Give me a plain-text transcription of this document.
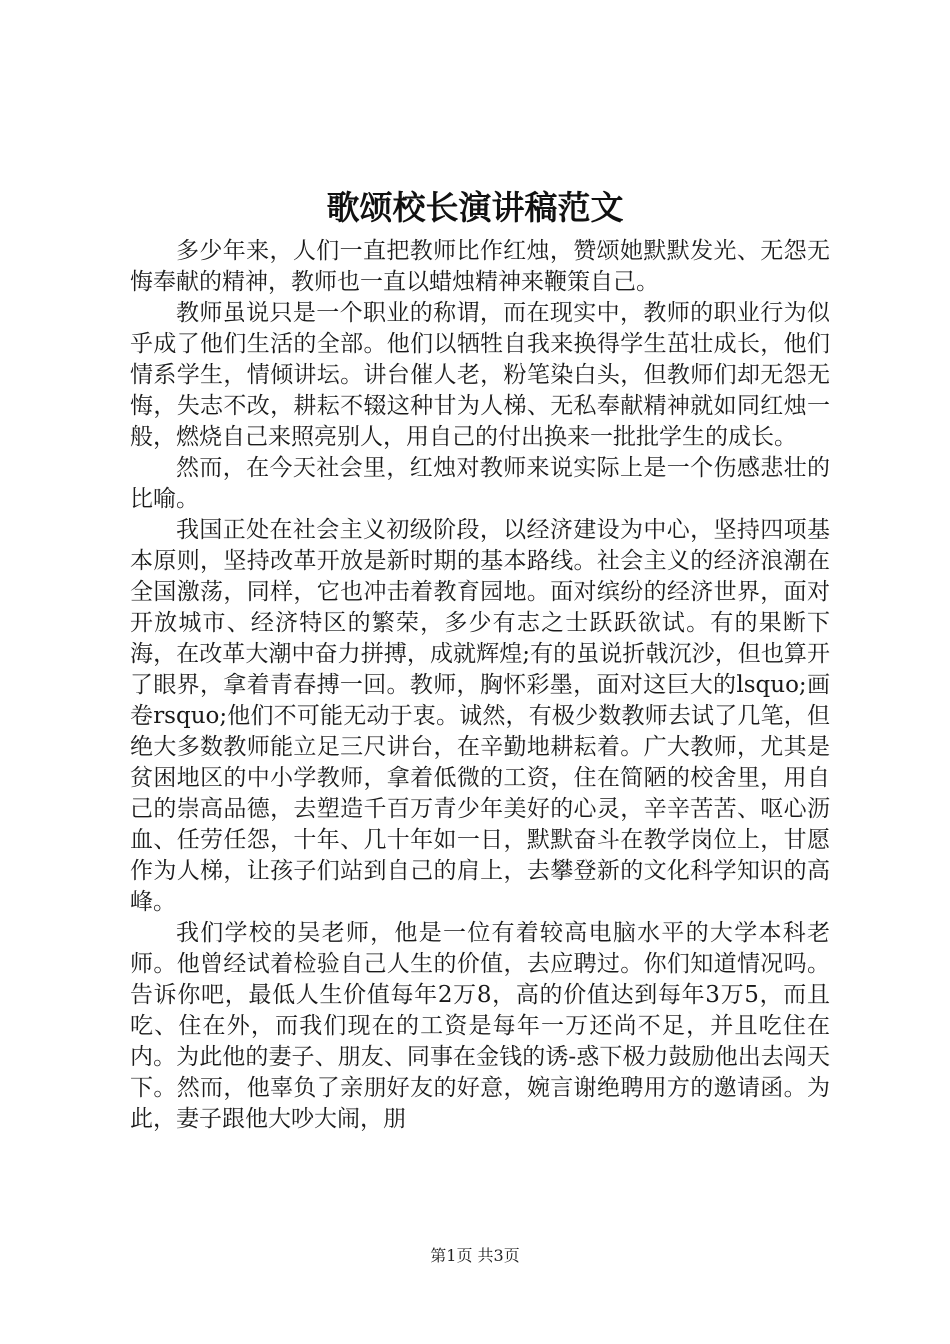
歌颂校长演讲稿范文

多少年来，人们一直把教师比作红烛，赞颂她默默发光、无怨无悔奉献的精神，教师也一直以蜡烛精神来鞭策自己。

教师虽说只是一个职业的称谓，而在现实中，教师的职业行为似乎成了他们生活的全部。他们以牺牲自我来换得学生茁壮成长，他们情系学生，情倾讲坛。讲台催人老，粉笔染白头，但教师们却无怨无悔，失志不改，耕耘不辍这种甘为人梯、无私奉献精神就如同红烛一般，燃烧自己来照亮别人，用自己的付出换来一批批学生的成长。

然而，在今天社会里，红烛对教师来说实际上是一个伤感悲壮的比喻。

我国正处在社会主义初级阶段，以经济建设为中心，坚持四项基本原则，坚持改革开放是新时期的基本路线。社会主义的经济浪潮在全国激荡，同样，它也冲击着教育园地。面对缤纷的经济世界，面对开放城市、经济特区的繁荣，多少有志之士跃跃欲试。有的果断下海，在改革大潮中奋力拼搏，成就辉煌;有的虽说折戟沉沙，但也算开了眼界，拿着青春搏一回。教师，胸怀彩墨，面对这巨大的lsquo;画卷rsquo;他们不可能无动于衷。诚然，有极少数教师去试了几笔，但绝大多数教师能立足三尺讲台，在辛勤地耕耘着。广大教师，尤其是贫困地区的中小学教师，拿着低微的工资，住在简陋的校舍里，用自己的崇高品德，去塑造千百万青少年美好的心灵，辛辛苦苦、呕心沥血、任劳任怨，十年、几十年如一日，默默奋斗在教学岗位上，甘愿作为人梯，让孩子们站到自己的肩上，去攀登新的文化科学知识的高峰。

我们学校的吴老师，他是一位有着较高电脑水平的大学本科老师。他曾经试着检验自己人生的价值，去应聘过。你们知道情况吗。告诉你吧，最低人生价值每年2万8，高的价值达到每年3万5，而且吃、住在外，而我们现在的工资是每年一万还尚不足，并且吃住在内。为此他的妻子、朋友、同事在金钱的诱-惑下极力鼓励他出去闯天下。然而，他辜负了亲朋好友的好意，婉言谢绝聘用方的邀请函。为此，妻子跟他大吵大闹，朋

第1页 共3页
